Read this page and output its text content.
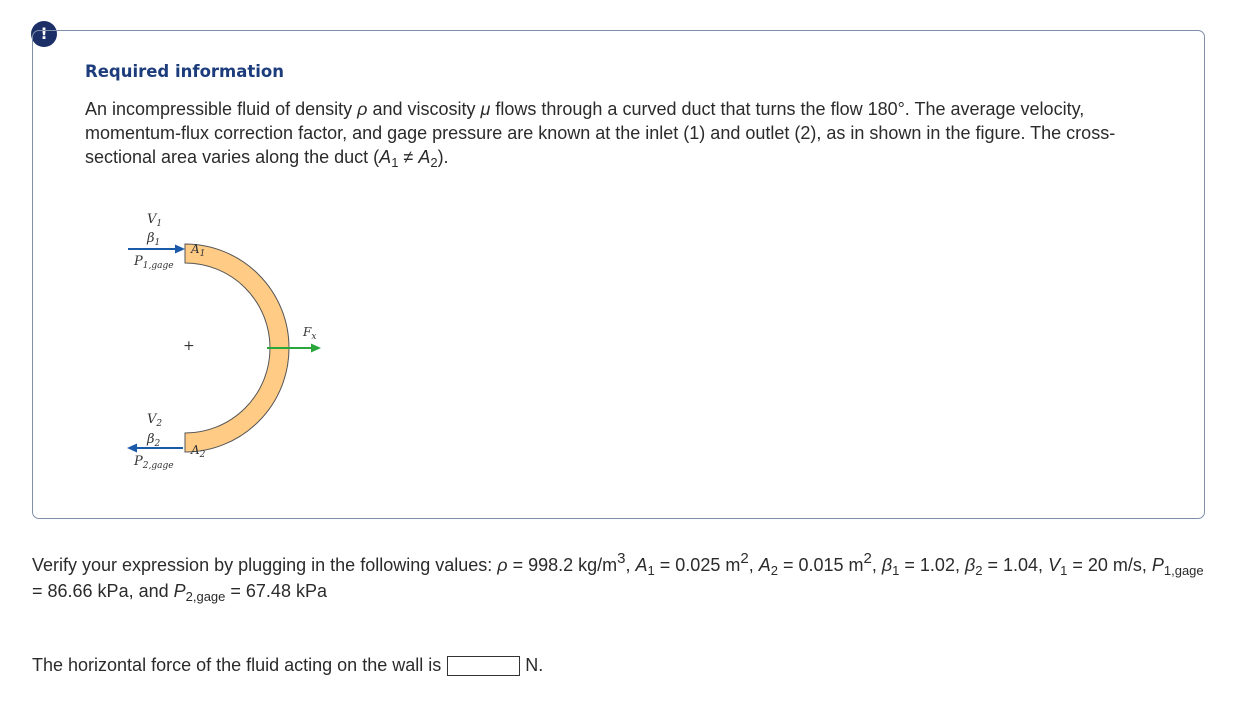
!
Required information
An incompressible fluid of density ρ and viscosity μ flows through a curved duct that turns the flow 180°. The average velocity, momentum-flux correction factor, and gage pressure are known at the inlet (1) and outlet (2), as in shown in the figure. The cross-sectional area varies along the duct $(A_1 \ne A_2)$.
$V_1$
$\beta_1$
$P_{1,gage}$
$A_1$
+
$F_x$
$V_2$
$\beta_2$
$P_{2,gage}$
$A_2$
Verify your expression by plugging in the following values: ρ = 998.2 $kg/m^3$, $A_1 = 0.025$ $m^2$, $A_2 = 0.015$ $m^2$, $\beta_1 = 1.02$, $\beta_2 = 1.04$, $V_1 = 20$ m/s, $P_{1,gage} = 86.66$ kPa, and $P_{2,gage} = 67.48$ kPa
The horizontal force of the fluid acting on the wall is	N.
